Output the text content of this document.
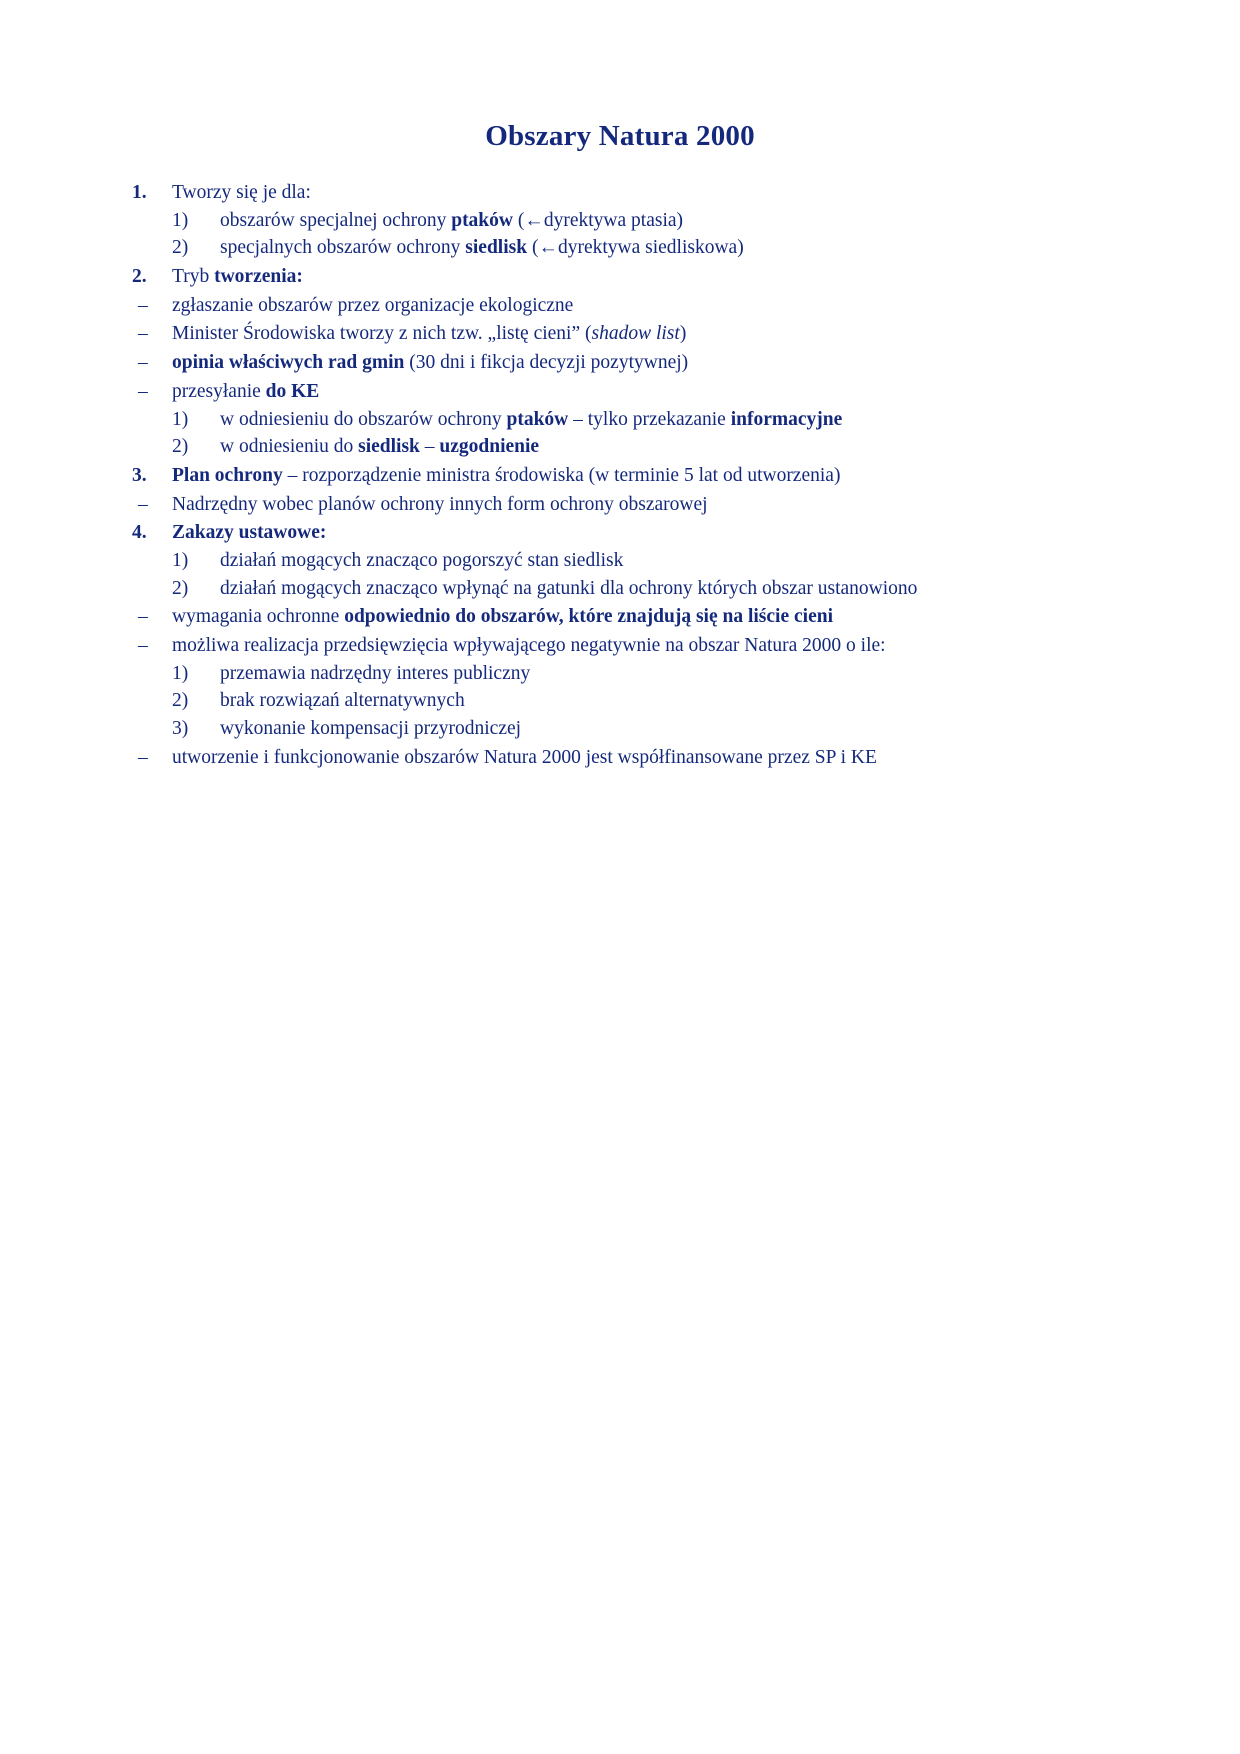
Obszary Natura 2000
1.	Tworzy się je dla:
1)	obszarów specjalnej ochrony ptaków (←dyrektywa ptasia)
2)	specjalnych obszarów ochrony siedlisk (←dyrektywa siedliskowa)
2.	Tryb tworzenia:
– zgłaszanie obszarów przez organizacje ekologiczne
– Minister Środowiska tworzy z nich tzw. „listę cieni” (shadow list)
– opinia właściwych rad gmin (30 dni i fikcja decyzji pozytywnej)
– przesyłanie do KE
1)	w odniesieniu do obszarów ochrony ptaków – tylko przekazanie informacyjne
2)	w odniesieniu do siedlisk – uzgodnienie
3.	Plan ochrony – rozporządzenie ministra środowiska (w terminie 5 lat od utworzenia)
– Nadrzędny wobec planów ochrony innych form ochrony obszarowej
4.	Zakazy ustawowe:
1)	działań mogących znacząco pogorszyć stan siedlisk
2)	działań mogących znacząco wpłynąć na gatunki dla ochrony których obszar ustanowiono
– wymagania ochronne odpowiednio do obszarów, które znajdują się na liście cieni
– możliwa realizacja przedsięwzięcia wpływającego negatywnie na obszar Natura 2000 o ile:
1)	przemawia nadrzędny interes publiczny
2)	brak rozwiązań alternatywnych
3)	wykonanie kompensacji przyrodniczej
– utworzenie i funkcjonowanie obszarów Natura 2000 jest współfinansowane przez SP i KE
